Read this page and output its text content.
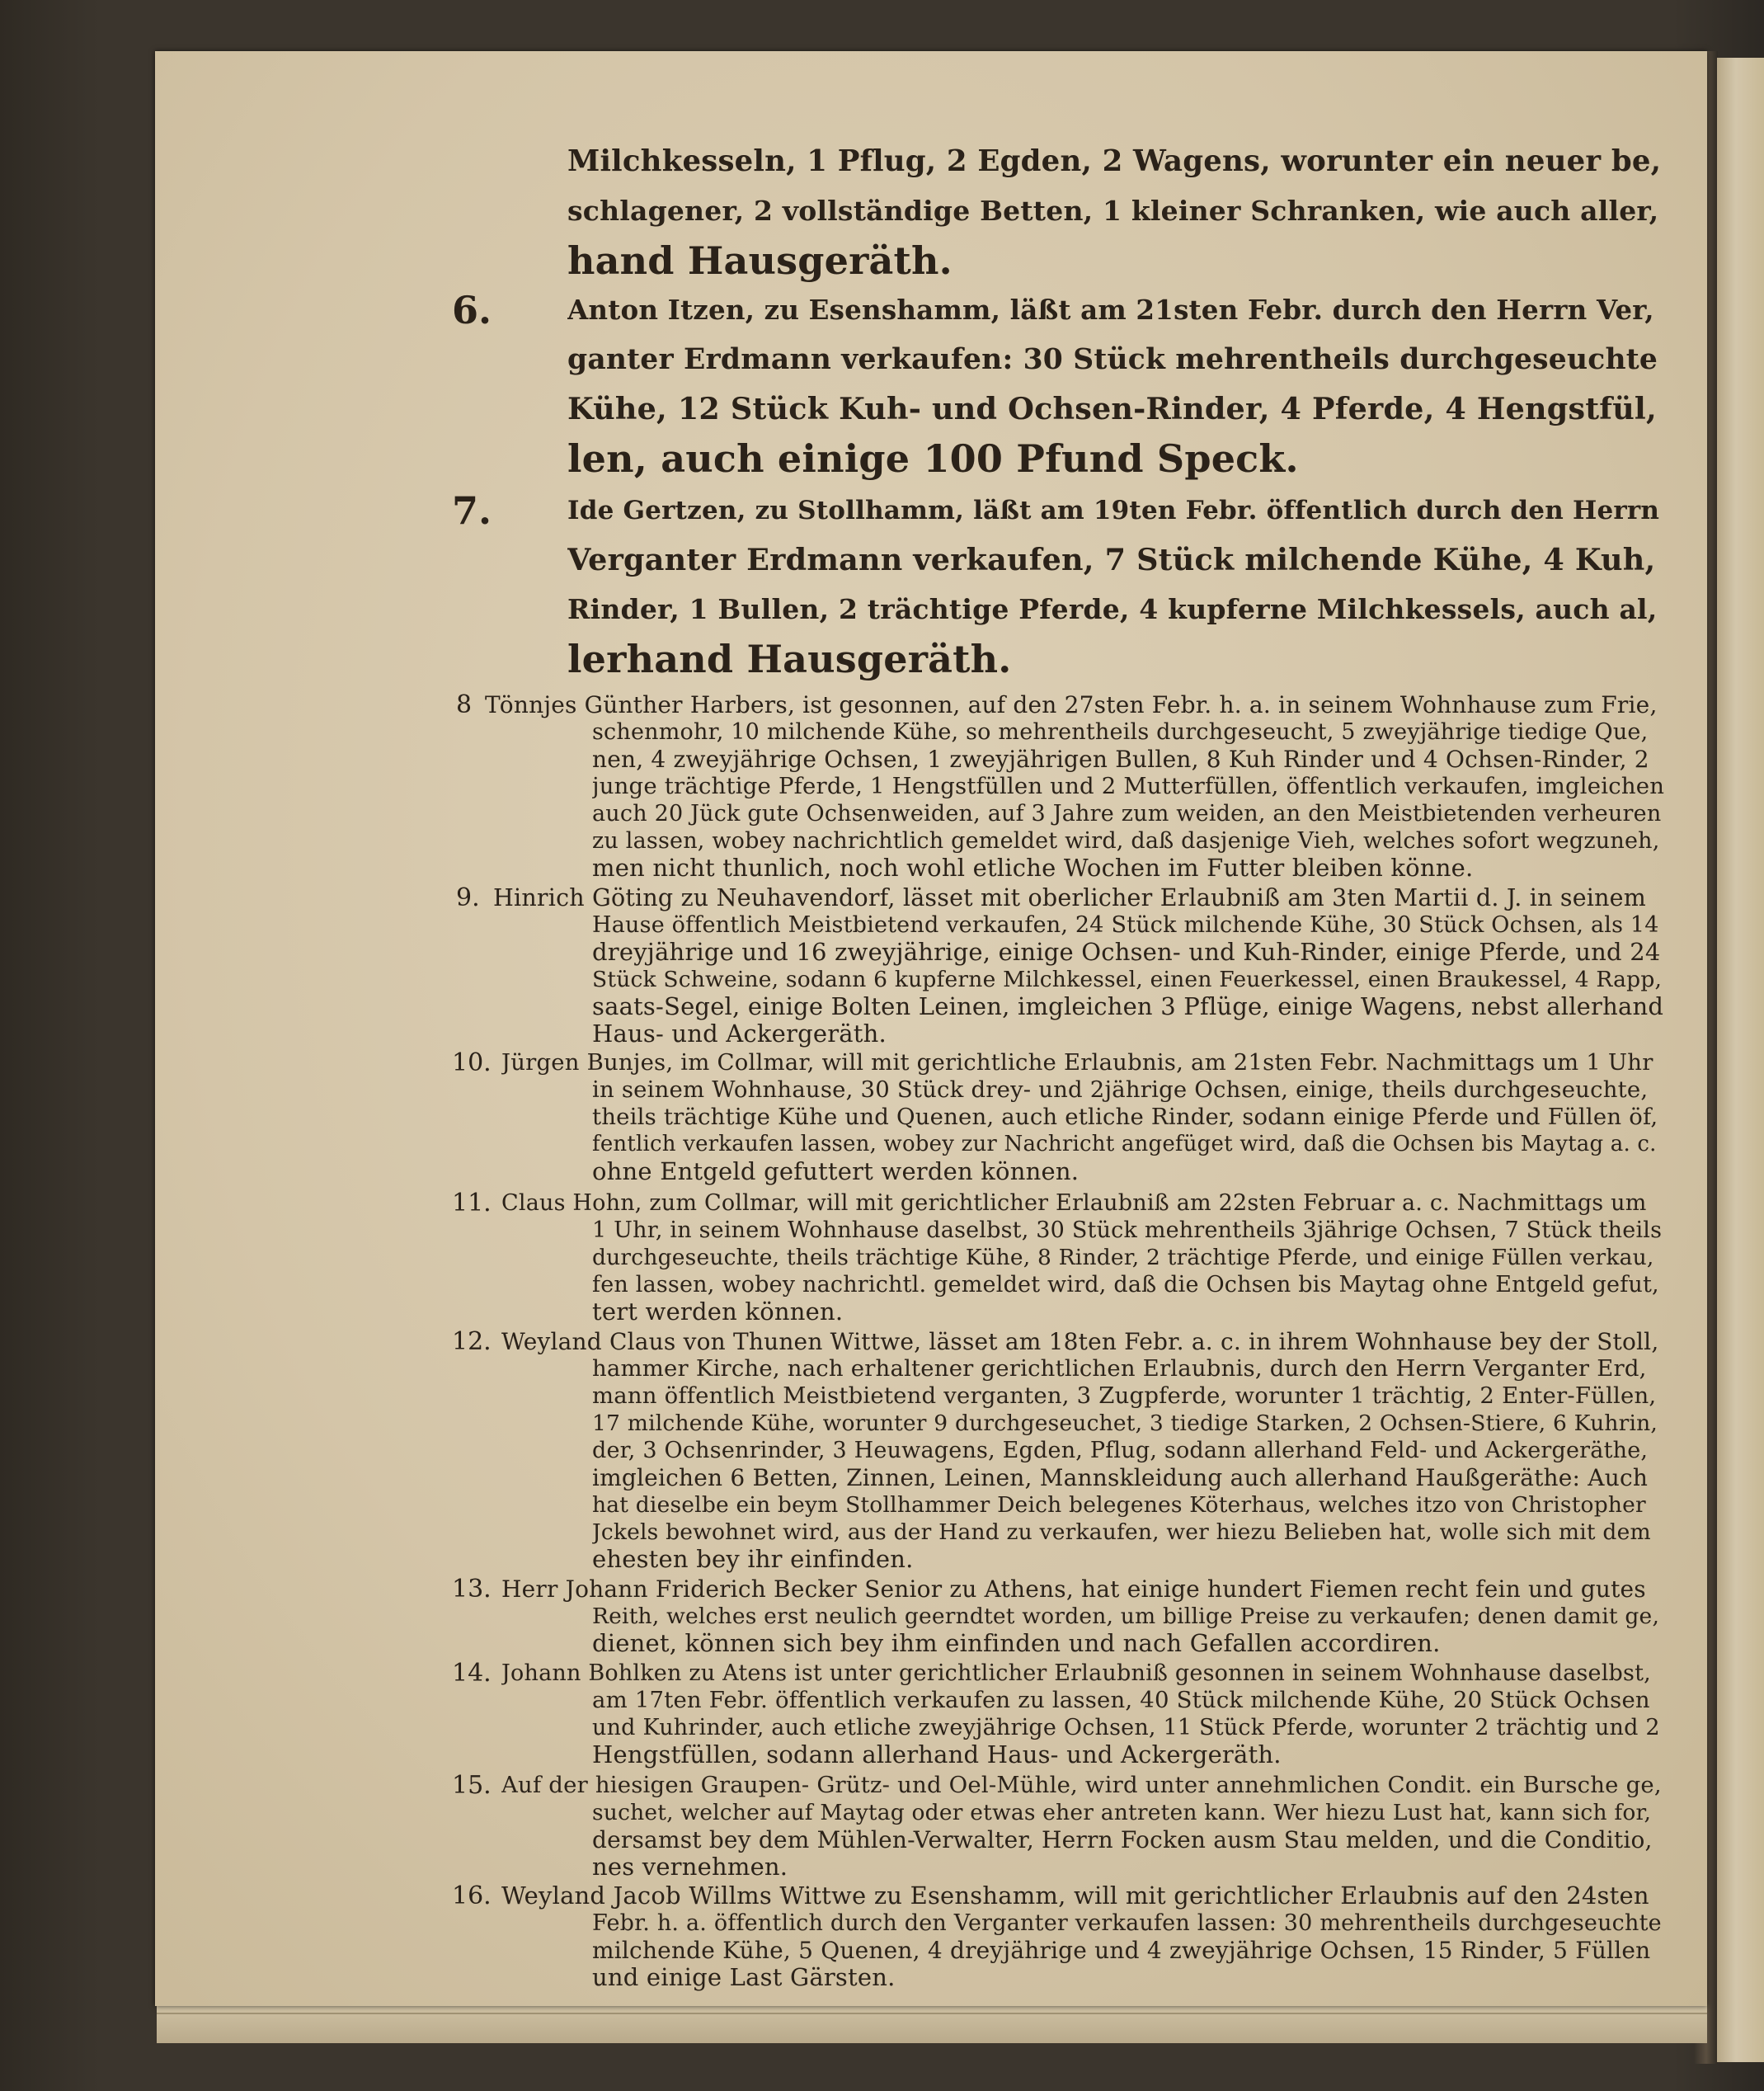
Milchkesseln, 1 Pflug, 2 Egden, 2 Wagens, worunter ein neuer be,
schlagener, 2 vollständige Betten, 1 kleiner Schranken, wie auch aller,
hand Hausgeräth.
6.	Anton Itzen, zu Esenshamm, läßt am 21sten Febr. durch den Herrn Ver,
ganter Erdmann verkaufen: 30 Stück mehrentheils durchgeseuchte
Kühe, 12 Stück Kuh- und Ochsen-Rinder, 4 Pferde, 4 Hengstfül,
len, auch einige 100 Pfund Speck.
7.	Ide Gertzen, zu Stollhamm, läßt am 19ten Febr. öffentlich durch den Herrn
Verganter Erdmann verkaufen, 7 Stück milchende Kühe, 4 Kuh,
Rinder, 1 Bullen, 2 trächtige Pferde, 4 kupferne Milchkessels, auch al,
lerhand Hausgeräth.
8 Tönnjes Günther Harbers, ist gesonnen, auf den 27sten Febr. h. a. in seinem Wohnhause zum Frie,
schenmohr, 10 milchende Kühe, so mehrentheils durchgeseucht, 5 zweyjährige tiedige Que,
nen, 4 zweyjährige Ochsen, 1 zweyjährigen Bullen, 8 Kuh Rinder und 4 Ochsen-Rinder, 2
junge trächtige Pferde, 1 Hengstfüllen und 2 Mutterfüllen, öffentlich verkaufen, imgleichen
auch 20 Jück gute Ochsenweiden, auf 3 Jahre zum weiden, an den Meistbietenden verheuren
zu lassen, wobey nachrichtlich gemeldet wird, daß dasjenige Vieh, welches sofort wegzuneh,
men nicht thunlich, noch wohl etliche Wochen im Futter bleiben könne.
9. Hinrich Göting zu Neuhavendorf, lässet mit oberlicher Erlaubniß am 3ten Martii d. J. in seinem
Hause öffentlich Meistbietend verkaufen, 24 Stück milchende Kühe, 30 Stück Ochsen, als 14
dreyjährige und 16 zweyjährige, einige Ochsen- und Kuh-Rinder, einige Pferde, und 24
Stück Schweine, sodann 6 kupferne Milchkessel, einen Feuerkessel, einen Braukessel, 4 Rapp,
saats-Segel, einige Bolten Leinen, imgleichen 3 Pflüge, einige Wagens, nebst allerhand
Haus- und Ackergeräth.
10. Jürgen Bunjes, im Collmar, will mit gerichtliche Erlaubnis, am 21sten Febr. Nachmittags um 1 Uhr
in seinem Wohnhause, 30 Stück drey- und 2jährige Ochsen, einige, theils durchgeseuchte,
theils trächtige Kühe und Quenen, auch etliche Rinder, sodann einige Pferde und Füllen öf,
fentlich verkaufen lassen, wobey zur Nachricht angefüget wird, daß die Ochsen bis Maytag a. c.
ohne Entgeld gefuttert werden können.
11. Claus Hohn, zum Collmar, will mit gerichtlicher Erlaubniß am 22sten Februar a. c. Nachmittags um
1 Uhr, in seinem Wohnhause daselbst, 30 Stück mehrentheils 3jährige Ochsen, 7 Stück theils
durchgeseuchte, theils trächtige Kühe, 8 Rinder, 2 trächtige Pferde, und einige Füllen verkau,
fen lassen, wobey nachrichtl. gemeldet wird, daß die Ochsen bis Maytag ohne Entgeld gefut,
tert werden können.
12. Weyland Claus von Thunen Wittwe, lässet am 18ten Febr. a. c. in ihrem Wohnhause bey der Stoll,
hammer Kirche, nach erhaltener gerichtlichen Erlaubnis, durch den Herrn Verganter Erd,
mann öffentlich Meistbietend verganten, 3 Zugpferde, worunter 1 trächtig, 2 Enter-Füllen,
17 milchende Kühe, worunter 9 durchgeseuchet, 3 tiedige Starken, 2 Ochsen-Stiere, 6 Kuhrin,
der, 3 Ochsenrinder, 3 Heuwagens, Egden, Pflug, sodann allerhand Feld- und Ackergeräthe,
imgleichen 6 Betten, Zinnen, Leinen, Mannskleidung auch allerhand Haußgeräthe: Auch
hat dieselbe ein beym Stollhammer Deich belegenes Köterhaus, welches itzo von Christopher
Jckels bewohnet wird, aus der Hand zu verkaufen, wer hiezu Belieben hat, wolle sich mit dem
ehesten bey ihr einfinden.
13. Herr Johann Friderich Becker Senior zu Athens, hat einige hundert Fiemen recht fein und gutes
Reith, welches erst neulich geerndtet worden, um billige Preise zu verkaufen; denen damit ge,
dienet, können sich bey ihm einfinden und nach Gefallen accordiren.
14. Johann Bohlken zu Atens ist unter gerichtlicher Erlaubniß gesonnen in seinem Wohnhause daselbst,
am 17ten Febr. öffentlich verkaufen zu lassen, 40 Stück milchende Kühe, 20 Stück Ochsen
und Kuhrinder, auch etliche zweyjährige Ochsen, 11 Stück Pferde, worunter 2 trächtig und 2
Hengstfüllen, sodann allerhand Haus- und Ackergeräth.
15. Auf der hiesigen Graupen- Grütz- und Oel-Mühle, wird unter annehmlichen Condit. ein Bursche ge,
suchet, welcher auf Maytag oder etwas eher antreten kann. Wer hiezu Lust hat, kann sich for,
dersamst bey dem Mühlen-Verwalter, Herrn Focken ausm Stau melden, und die Conditio,
nes vernehmen.
16. Weyland Jacob Willms Wittwe zu Esenshamm, will mit gerichtlicher Erlaubnis auf den 24sten
Febr. h. a. öffentlich durch den Verganter verkaufen lassen: 30 mehrentheils durchgeseuchte
milchende Kühe, 5 Quenen, 4 dreyjährige und 4 zweyjährige Ochsen, 15 Rinder, 5 Füllen
und einige Last Gärsten.
